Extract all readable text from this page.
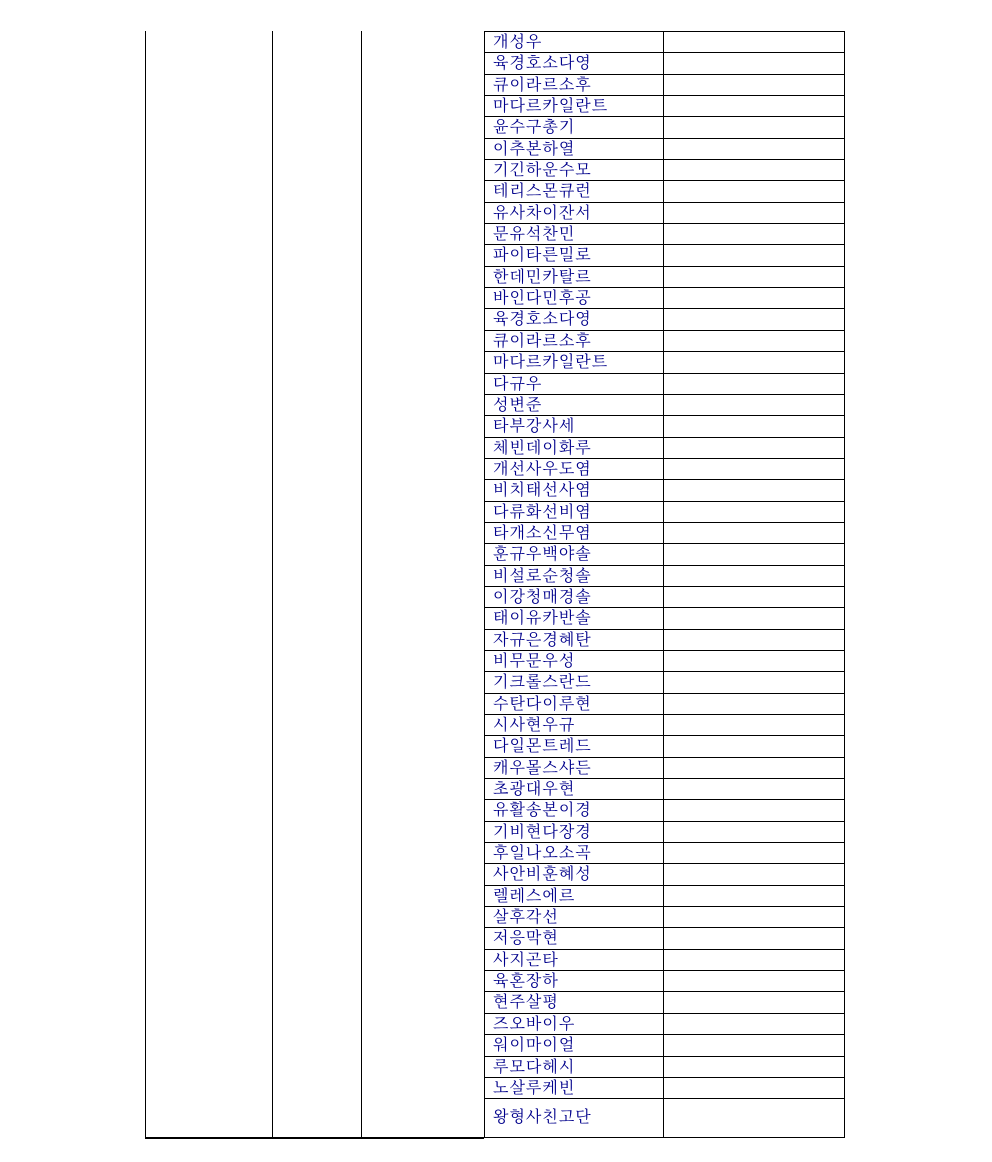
개성우
육경호소다영
큐이라르소후
마다르카일란트
윤수구총기
이추본하열
기긴하운수모
테리스몬큐런
유사차이잔서
문유석찬민
파이타른밀로
한데민카탈르
바인다민후공
육경호소다영
큐이라르소후
마다르카일란트
다규우
성변준
타부강사세
체빈데이화루
개선사우도염
비치태선사염
다류화선비염
타개소신무염
훈규우백야솔
비설로순청솔
이강청매경솔
태이유카반솔
자규은경혜탄
비무문우성
기크롤스란드
수탄다이루현
시사현우규
다일몬트레드
캐우몰스샤든
초광대우현
유활송본이경
기비현다장경
후일나오소곡
사안비훈혜성
렐레스에르
살후각선
저응막현
사지곤타
육혼장하
현주살평
즈오바이우
워이마이얼
루모다헤시
노살루케빈
왕형사친고단
